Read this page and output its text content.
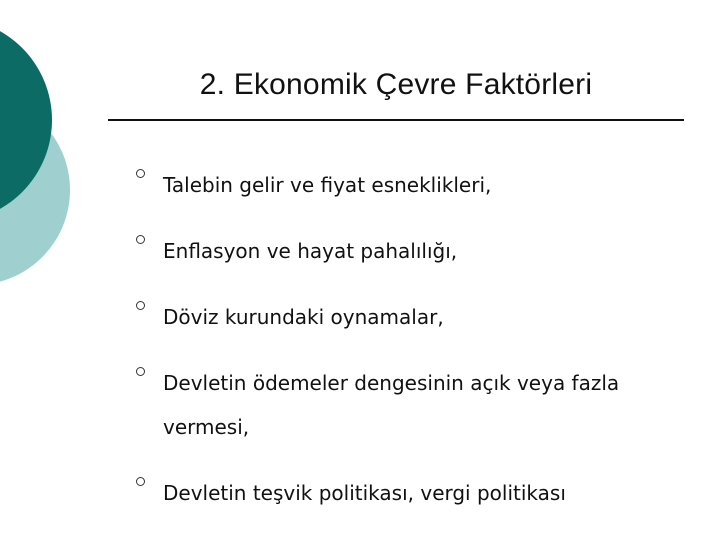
2. Ekonomik Çevre Faktörleri
Talebin gelir ve fiyat esneklikleri,
Enflasyon ve hayat pahalılığı,
Döviz kurundaki oynamalar,
Devletin ödemeler dengesinin açık veya fazla vermesi,
Devletin teşvik politikası, vergi politikası
